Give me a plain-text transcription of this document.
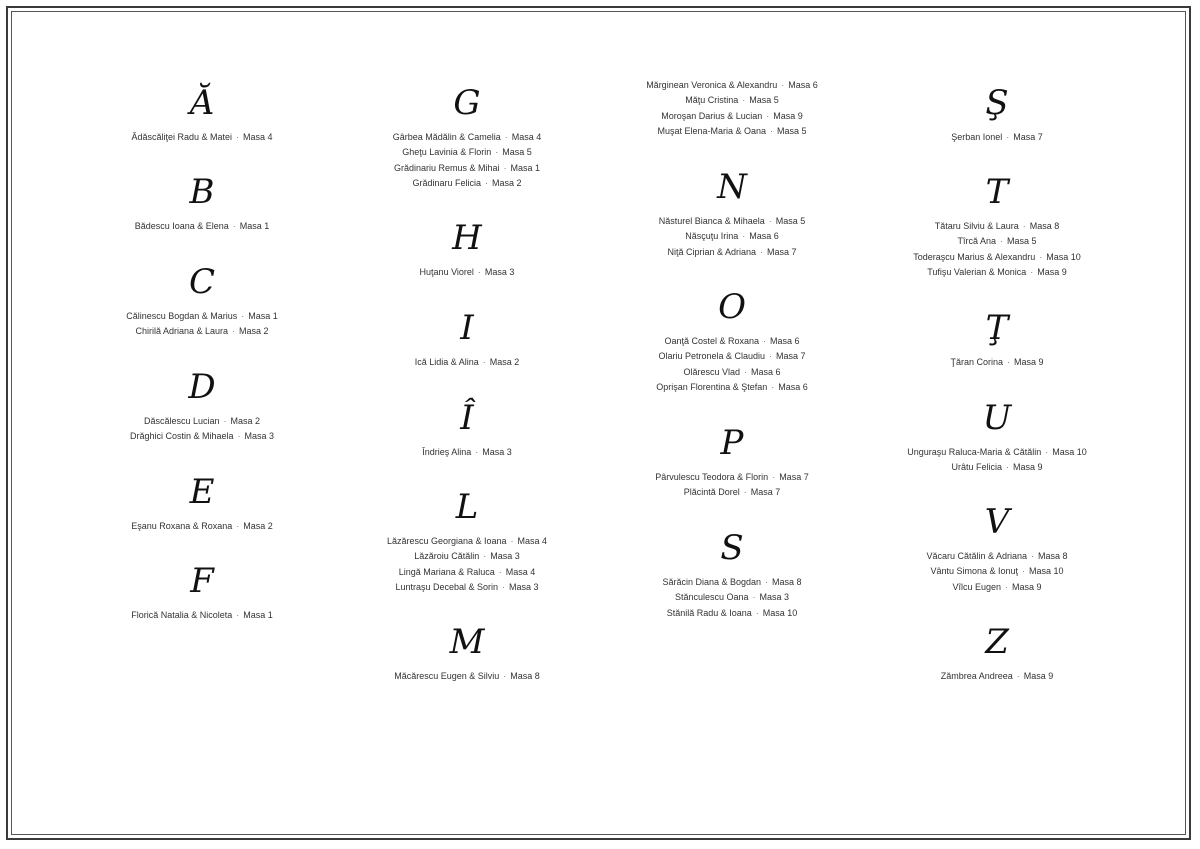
Ă
Ădăscăliţei Radu & Matei · Masa 4
B
Bădescu Ioana & Elena · Masa 1
C
Călinescu Bogdan & Marius · Masa 1
Chirilă Adriana & Laura · Masa 2
D
Dăscălescu Lucian · Masa 2
Drăghici Costin & Mihaela · Masa 3
E
Eşanu Roxana & Roxana · Masa 2
F
Florică Natalia & Nicoleta · Masa 1
G
Gârbea Mădălin & Camelia · Masa 4
Gheţu Lavinia & Florin · Masa 5
Grădinariu Remus & Mihai · Masa 1
Grădinaru Felicia · Masa 2
H
Huţanu Viorel · Masa 3
I
Ică Lidia & Alina · Masa 2
Î
Îndrieş Alina · Masa 3
L
Lăzărescu Georgiana & Ioana · Masa 4
Lăzăroiu Cătălin · Masa 3
Lingă Mariana & Raluca · Masa 4
Luntraşu Decebal & Sorin · Masa 3
M
Măcărescu Eugen & Silviu · Masa 8
Mărginean Veronica & Alexandru · Masa 6
Măţu Cristina · Masa 5
Moroşan Darius & Lucian · Masa 9
Muşat Elena-Maria & Oana · Masa 5
N
Năsturel Bianca & Mihaela · Masa 5
Năsçuţu Irina · Masa 6
Niţă Ciprian & Adriana · Masa 7
O
Oanţă Costel & Roxana · Masa 6
Olariu Petronela & Claudiu · Masa 7
Olărescu Vlad · Masa 6
Oprişan Florentina & Ştefan · Masa 6
P
Pârvulescu Teodora & Florin · Masa 7
Plăcintă Dorel · Masa 7
S
Sărăcin Diana & Bogdan · Masa 8
Stănculescu Oana · Masa 3
Stănilă Radu & Ioana · Masa 10
Ş
Şerban Ionel · Masa 7
T
Tătaru Silviu & Laura · Masa 8
Tîrcă Ana · Masa 5
Toderaşcu Marius & Alexandru · Masa 10
Tufişu Valerian & Monica · Masa 9
Ţ
Ţăran Corina · Masa 9
U
Unguraşu Raluca-Maria & Cătălin · Masa 10
Urâtu Felicia · Masa 9
V
Văcaru Cătălin & Adriana · Masa 8
Vântu Simona & Ionuţ · Masa 10
Vîlcu Eugen · Masa 9
Z
Zămbrea Andreea · Masa 9
